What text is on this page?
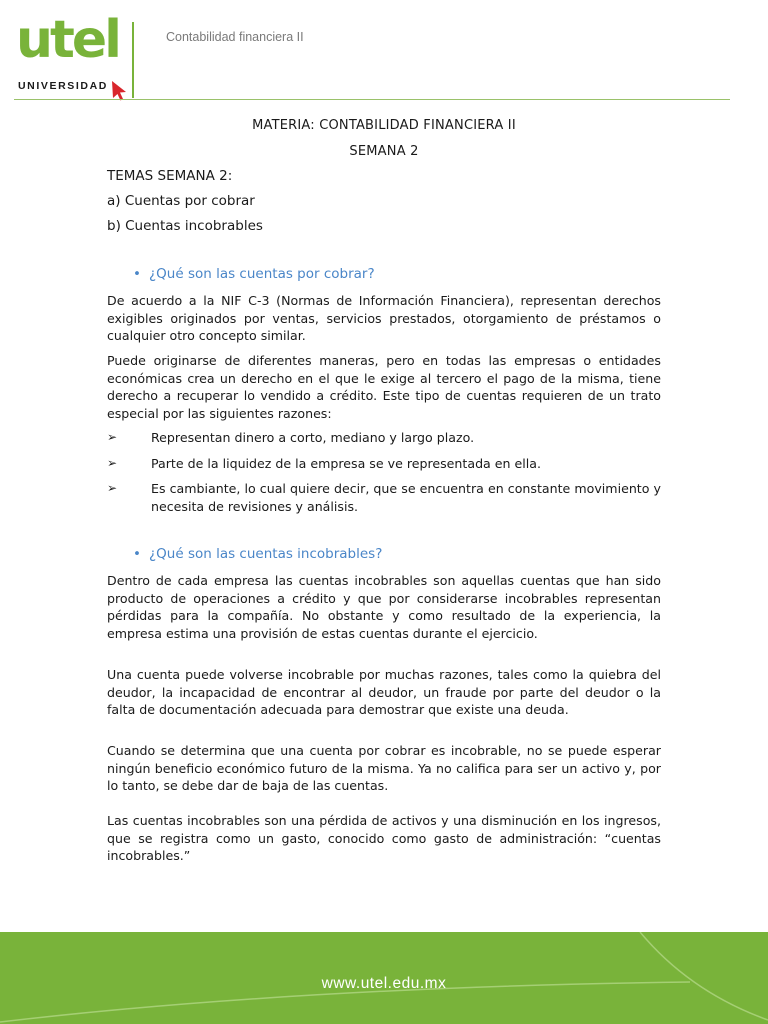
utel
UNIVERSIDAD
Contabilidad financiera II
MATERIA: CONTABILIDAD FINANCIERA II
SEMANA 2
TEMAS SEMANA 2:
a) Cuentas por cobrar
b) Cuentas incobrables
• ¿Qué son las cuentas por cobrar?
De acuerdo a la NIF C-3 (Normas de Información Financiera), representan derechos exigibles originados por ventas, servicios prestados, otorgamiento de préstamos o cualquier otro concepto similar.
Puede originarse de diferentes maneras, pero en todas las empresas o entidades económicas crea un derecho en el que le exige al tercero el pago de la misma, tiene derecho a recuperar lo vendido a crédito. Este tipo de cuentas requieren de un trato especial por las siguientes razones:
➢	Representan dinero a corto, mediano y largo plazo.
➢	Parte de la liquidez de la empresa se ve representada en ella.
➢	Es cambiante, lo cual quiere decir, que se encuentra en constante movimiento y necesita de revisiones y análisis.
• ¿Qué son las cuentas incobrables?
Dentro de cada empresa las cuentas incobrables son aquellas cuentas que han sido producto de operaciones a crédito y que por considerarse incobrables representan pérdidas para la compañía. No obstante y como resultado de la experiencia, la empresa estima una provisión de estas cuentas durante el ejercicio.
Una cuenta puede volverse incobrable por muchas razones, tales como la quiebra del deudor, la incapacidad de encontrar al deudor, un fraude por parte del deudor o la falta de documentación adecuada para demostrar que existe una deuda.
Cuando se determina que una cuenta por cobrar es incobrable, no se puede esperar ningún beneficio económico futuro de la misma. Ya no califica para ser un activo y, por lo tanto, se debe dar de baja de las cuentas.
Las cuentas incobrables son una pérdida de activos y una disminución en los ingresos, que se registra como un gasto, conocido como gasto de administración: “cuentas incobrables.”
www.utel.edu.mx
